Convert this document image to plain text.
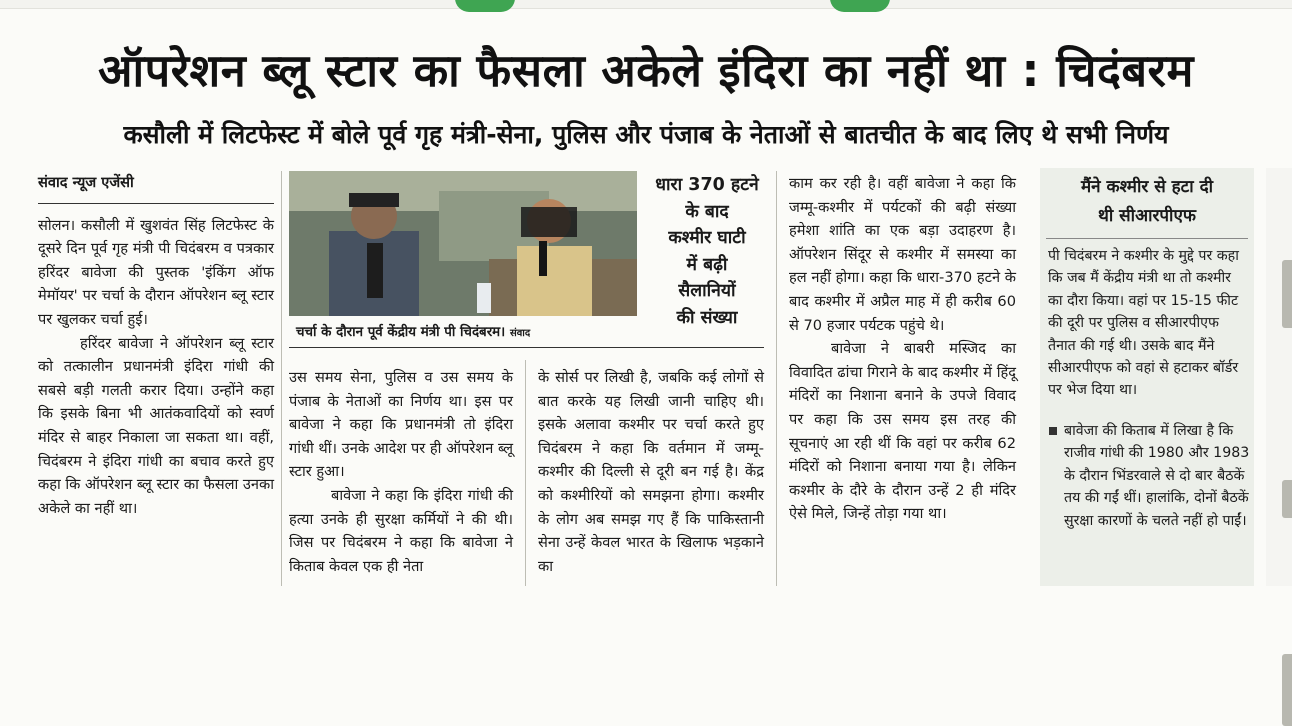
ऑपरेशन ब्लू स्टार का फैसला अकेले इंदिरा का नहीं था : चिदंबरम
कसौली में लिटफेस्ट में बोले पूर्व गृह मंत्री-सेना, पुलिस और पंजाब के नेताओं से बातचीत के बाद लिए थे सभी निर्णय
संवाद न्यूज एजेंसी

सोलन। कसौली में खुशवंत सिंह लिटफेस्ट के दूसरे दिन पूर्व गृह मंत्री पी चिदंबरम व पत्रकार हरिंदर बावेजा की पुस्तक 'इंकिंग ऑफ मेमॉयर' पर चर्चा के दौरान ऑपरेशन ब्लू स्टार पर खुलकर चर्चा हुई।

हरिंदर बावेजा ने ऑपरेशन ब्लू स्टार को तत्कालीन प्रधानमंत्री इंदिरा गांधी की सबसे बड़ी गलती करार दिया। उन्होंने कहा कि इसके बिना भी आतंकवादियों को स्वर्ण मंदिर से बाहर निकाला जा सकता था। वहीं, चिदंबरम ने इंदिरा गांधी का बचाव करते हुए कहा कि ऑपरेशन ब्लू स्टार का फैसला उनका अकेले का नहीं था।

चर्चा के दौरान पूर्व केंद्रीय मंत्री पी चिदंबरम। संवाद
धारा 370 हटने
के बाद
कश्मीर घाटी
में बढ़ी
सैलानियों
की संख्या

उस समय सेना, पुलिस व उस समय के पंजाब के नेताओं का निर्णय था। इस पर बावेजा ने कहा कि प्रधानमंत्री तो इंदिरा गांधी थीं। उनके आदेश पर ही ऑपरेशन ब्लू स्टार हुआ।

बावेजा ने कहा कि इंदिरा गांधी की हत्या उनके ही सुरक्षा कर्मियों ने की थी। जिस पर चिदंबरम ने कहा कि बावेजा ने किताब केवल एक ही नेता

के सोर्स पर लिखी है, जबकि कई लोगों से बात करके यह लिखी जानी चाहिए थी। इसके अलावा कश्मीर पर चर्चा करते हुए चिदंबरम ने कहा कि वर्तमान में जम्मू-कश्मीर की दिल्ली से दूरी बन गई है। केंद्र को कश्मीरियों को समझना होगा। कश्मीर के लोग अब समझ गए हैं कि पाकिस्तानी सेना उन्हें केवल भारत के खिलाफ भड़काने का

काम कर रही है। वहीं बावेजा ने कहा कि जम्मू-कश्मीर में पर्यटकों की बढ़ी संख्या हमेशा शांति का एक बड़ा उदाहरण है। ऑपरेशन सिंदूर से कश्मीर में समस्या का हल नहीं होगा। कहा कि धारा-370 हटने के बाद कश्मीर में अप्रैल माह में ही करीब 60 से 70 हजार पर्यटक पहुंचे थे।

बावेजा ने बाबरी मस्जिद का विवादित ढांचा गिराने के बाद कश्मीर में हिंदू मंदिरों का निशाना बनाने के उपजे विवाद पर कहा कि उस समय इस तरह की सूचनाएं आ रही थीं कि वहां पर करीब 62 मंदिरों को निशाना बनाया गया है। लेकिन कश्मीर के दौरे के दौरान उन्हें 2 ही मंदिर ऐसे मिले, जिन्हें तोड़ा गया था।

मैंने कश्मीर से हटा दी
थी सीआरपीएफ
पी चिदंबरम ने कश्मीर के मुद्दे पर कहा कि जब मैं केंद्रीय मंत्री था तो कश्मीर का दौरा किया। वहां पर 15-15 फीट की दूरी पर पुलिस व सीआरपीएफ तैनात की गई थी। उसके बाद मैंने सीआरपीएफ को वहां से हटाकर बॉर्डर पर भेज दिया था।
बावेजा की किताब में लिखा है कि राजीव गांधी की 1980 और 1983 के दौरान भिंडरवाले से दो बार बैठकें तय की गईं थीं। हालांकि, दोनों बैठकें सुरक्षा कारणों के चलते नहीं हो पाईं।
